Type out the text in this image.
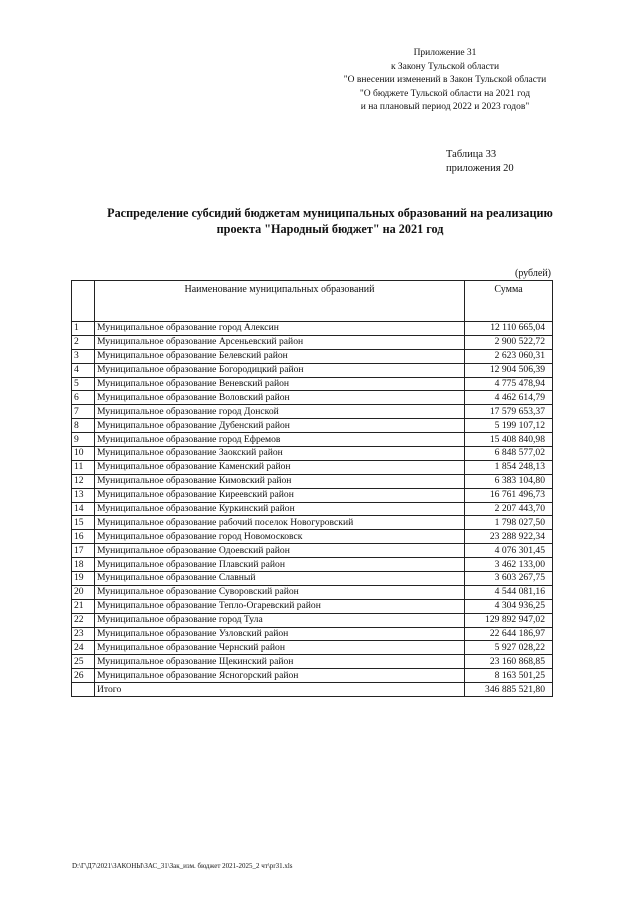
Приложение 31
к Закону Тульской области
"О внесении изменений в Закон Тульской области
"О бюджете Тульской области на 2021 год
и на плановый период 2022 и 2023 годов"
Таблица 33
приложения 20
Распределение субсидий бюджетам муниципальных образований на реализацию
проекта "Народный бюджет" на 2021 год
(рублей)
	Наименование муниципальных образований	Сумма
1	Муниципальное образование город Алексин	12 110 665,04
2	Муниципальное образование Арсеньевский район	2 900 522,72
3	Муниципальное образование Белевский район	2 623 060,31
4	Муниципальное образование Богородицкий район	12 904 506,39
5	Муниципальное образование Веневский район	4 775 478,94
6	Муниципальное образование Воловский район	4 462 614,79
7	Муниципальное образование город Донской	17 579 653,37
8	Муниципальное образование Дубенский район	5 199 107,12
9	Муниципальное образование город Ефремов	15 408 840,98
10	Муниципальное образование Заокский район	6 848 577,02
11	Муниципальное образование Каменский район	1 854 248,13
12	Муниципальное образование Кимовский район	6 383 104,80
13	Муниципальное образование Киреевский район	16 761 496,73
14	Муниципальное образование Куркинский район	2 207 443,70
15	Муниципальное образование рабочий поселок Новогуровский	1 798 027,50
16	Муниципальное образование город Новомосковск	23 288 922,34
17	Муниципальное образование Одоевский район	4 076 301,45
18	Муниципальное образование Плавский район	3 462 133,00
19	Муниципальное образование Славный	3 603 267,75
20	Муниципальное образование Суворовский район	4 544 081,16
21	Муниципальное образование Тепло-Огаревский район	4 304 936,25
22	Муниципальное образование город Тула	129 892 947,02
23	Муниципальное образование Узловский район	22 644 186,97
24	Муниципальное образование Чернский район	5 927 028,22
25	Муниципальное образование Щекинский район	23 160 868,85
26	Муниципальное образование Ясногорский район	8 163 501,25
	Итого	346 885 521,80
D:\Г\Д7\2021\ЗАКОНЫ\ЗАС_31\Зак_изм. бюджет 2021-2025_2 чт\pr31.xls
